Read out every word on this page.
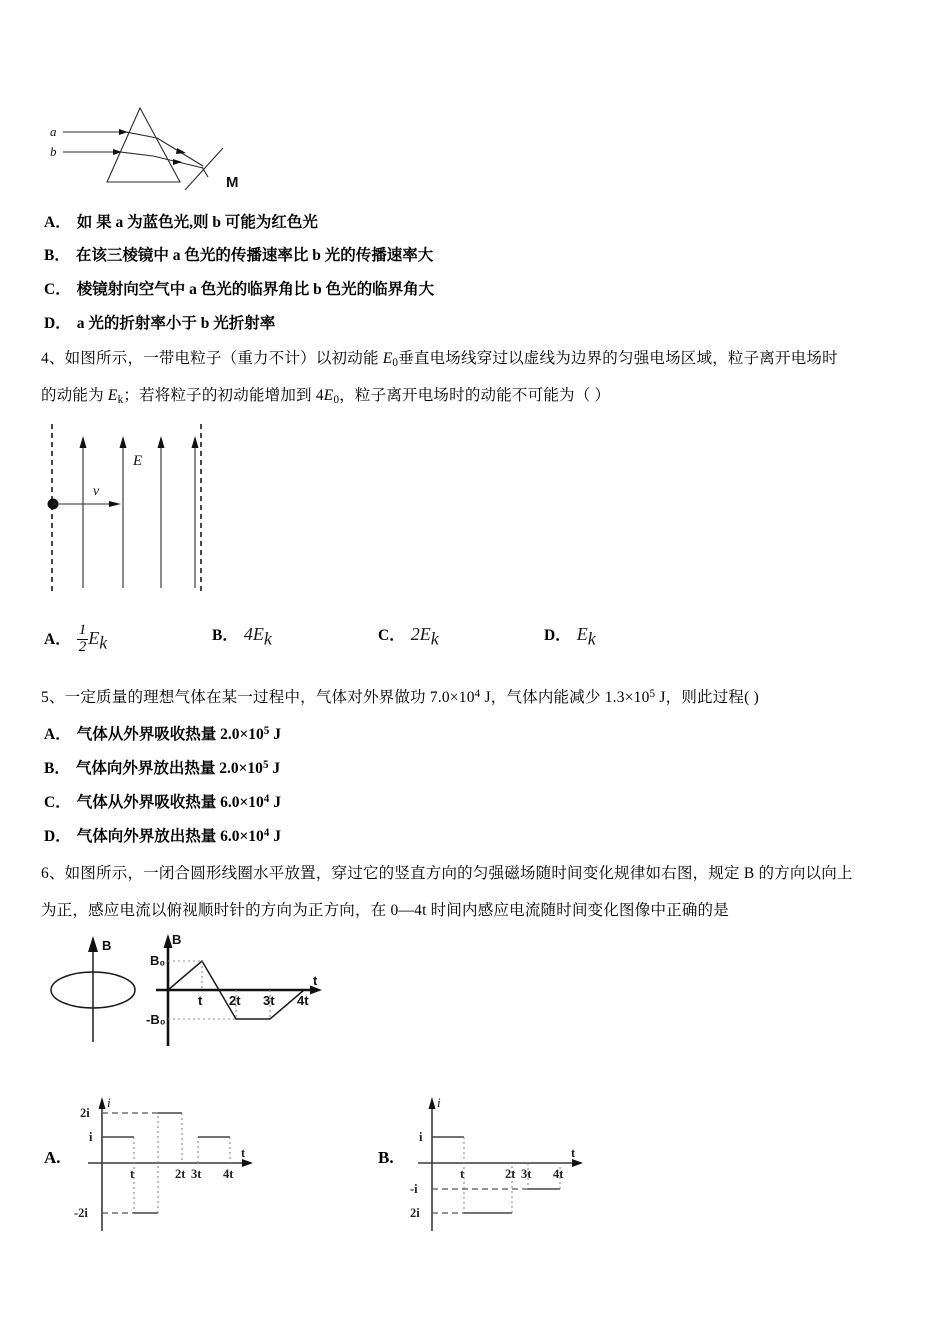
a
b
M
A． 如 果 a 为蓝色光,则 b 可能为红色光
B． 在该三棱镜中 a 色光的传播速率比 b 光的传播速率大
C． 棱镜射向空气中 a 色光的临界角比 b 色光的临界角大
D． a 光的折射率小于 b 光折射率
4、如图所示，一带电粒子（重力不计）以初动能 $E_0$垂直电场线穿过以虚线为边界的匀强电场区域，粒子离开电场时
的动能为 $E_k$；若将粒子的初动能增加到 $4E_0$，粒子离开电场时的动能不可能为（ ）
E
v
A． $\frac{1}{2} E_k$	B． $4E_k$	C． $2E_k$	D． $E_k$
5、一定质量的理想气体在某一过程中，气体对外界做功 $7.0\times 10^4$ J，气体内能减少 $1.3\times 10^5$ J，则此过程( )
A． 气体从外界吸收热量 $2.0\times 10^5$ J
B． 气体向外界放出热量 $2.0\times 10^5$ J
C． 气体从外界吸收热量 $6.0\times 10^4$ J
D． 气体向外界放出热量 $6.0\times 10^4$ J
6、如图所示，一闭合圆形线圈水平放置，穿过它的竖直方向的匀强磁场随时间变化规律如右图，规定 B 的方向以向上
为正，感应电流以俯视顺时针的方向为正方向，在 0—4t 时间内感应电流随时间变化图像中正确的是
B	B
t
B₀
-B₀
t 2t 3t 4t
A.
i
t
2i
i
-2i
t	2t 3t 4t
B.
i
t
i
-i
2i
t	2t 3t 4t
